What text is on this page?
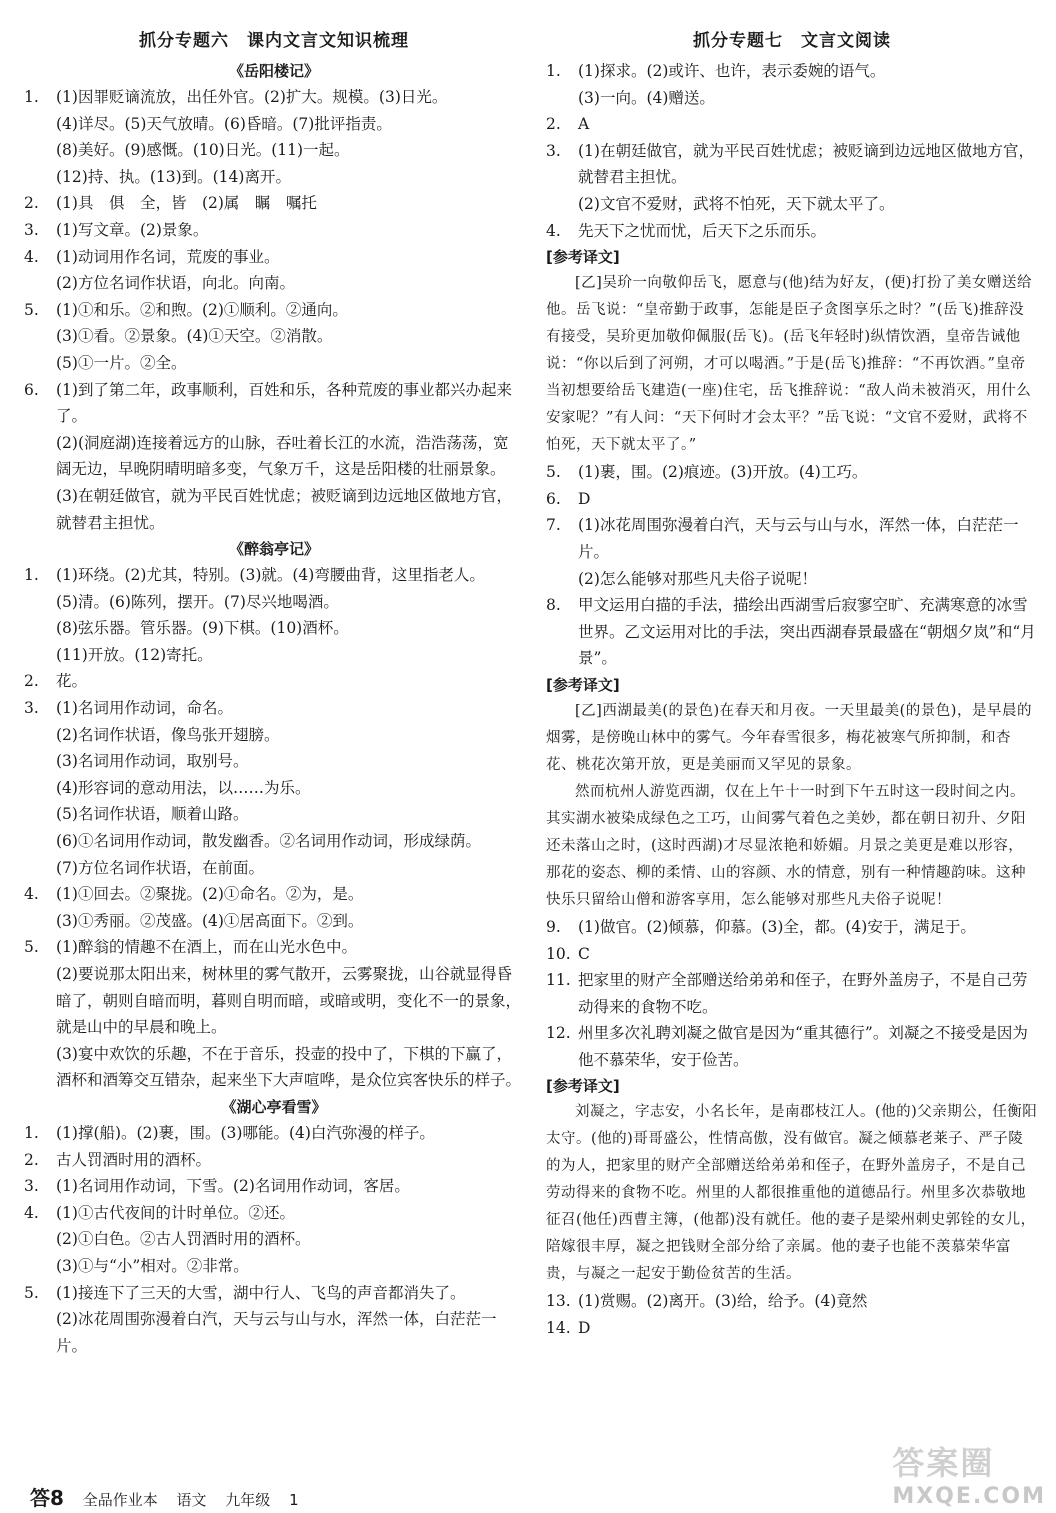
抓分专题六　课内文言文知识梳理
《岳阳楼记》
1.	(1)因罪贬谪流放，出任外官。(2)扩大。规模。(3)日光。
(4)详尽。(5)天气放晴。(6)昏暗。(7)批评指责。
(8)美好。(9)感慨。(10)日光。(11)一起。
(12)持、执。(13)到。(14)离开。
2.	(1)具　俱　全，皆　(2)属　瞩　嘱托
3.	(1)写文章。(2)景象。
4.	(1)动词用作名词，荒废的事业。
(2)方位名词作状语，向北。向南。
5.	(1)①和乐。②和煦。(2)①顺利。②通向。
(3)①看。②景象。(4)①天空。②消散。
(5)①一片。②全。
6.	(1)到了第二年，政事顺利，百姓和乐，各种荒废的事业都兴办起来了。
(2)(洞庭湖)连接着远方的山脉，吞吐着长江的水流，浩浩荡荡，宽阔无边，早晚阴晴明暗多变，气象万千，这是岳阳楼的壮丽景象。
(3)在朝廷做官，就为平民百姓忧虑；被贬谪到边远地区做地方官，就替君主担忧。
《醉翁亭记》
1.	(1)环绕。(2)尤其，特别。(3)就。(4)弯腰曲背，这里指老人。
(5)清。(6)陈列，摆开。(7)尽兴地喝酒。
(8)弦乐器。管乐器。(9)下棋。(10)酒杯。
(11)开放。(12)寄托。
2.	花。
3.	(1)名词用作动词，命名。
(2)名词作状语，像鸟张开翅膀。
(3)名词用作动词，取别号。
(4)形容词的意动用法，以……为乐。
(5)名词作状语，顺着山路。
(6)①名词用作动词，散发幽香。②名词用作动词，形成绿荫。
(7)方位名词作状语，在前面。
4.	(1)①回去。②聚拢。(2)①命名。②为，是。
(3)①秀丽。②茂盛。(4)①居高面下。②到。
5.	(1)醉翁的情趣不在酒上，而在山光水色中。
(2)要说那太阳出来，树林里的雾气散开，云雾聚拢，山谷就显得昏暗了，朝则自暗而明，暮则自明而暗，或暗或明，变化不一的景象，就是山中的早晨和晚上。
(3)宴中欢饮的乐趣，不在于音乐，投壶的投中了，下棋的下赢了，酒杯和酒筹交互错杂，起来坐下大声喧哗，是众位宾客快乐的样子。
《湖心亭看雪》
1.	(1)撑(船)。(2)裹，围。(3)哪能。(4)白汽弥漫的样子。
2.	古人罚酒时用的酒杯。
3.	(1)名词用作动词，下雪。(2)名词用作动词，客居。
4.	(1)①古代夜间的计时单位。②还。
(2)①白色。②古人罚酒时用的酒杯。
(3)①与“小”相对。②非常。
5.	(1)接连下了三天的大雪，湖中行人、飞鸟的声音都消失了。
(2)冰花周围弥漫着白汽，天与云与山与水，浑然一体，白茫茫一片。
抓分专题七　文言文阅读
1.	(1)探求。(2)或许、也许，表示委婉的语气。
(3)一向。(4)赠送。
2.	A
3.	(1)在朝廷做官，就为平民百姓忧虑；被贬谪到边远地区做地方官，就替君主担忧。
(2)文官不爱财，武将不怕死，天下就太平了。
4.	先天下之忧而忧，后天下之乐而乐。
[参考译文]
[乙]吴玠一向敬仰岳飞，愿意与(他)结为好友，(便)打扮了美女赠送给他。岳飞说：“皇帝勤于政事，怎能是臣子贪图享乐之时？”(岳飞)推辞没有接受，吴玠更加敬仰佩服(岳飞)。(岳飞年轻时)纵情饮酒，皇帝告诫他说：“你以后到了河朔，才可以喝酒。”于是(岳飞)推辞：“不再饮酒。”皇帝当初想要给岳飞建造(一座)住宅，岳飞推辞说：“敌人尚未被消灭，用什么安家呢？”有人问：“天下何时才会太平？”岳飞说：“文官不爱财，武将不怕死，天下就太平了。”
5.	(1)裹，围。(2)痕迹。(3)开放。(4)工巧。
6.	D
7.	(1)冰花周围弥漫着白汽，天与云与山与水，浑然一体，白茫茫一片。
(2)怎么能够对那些凡夫俗子说呢！
8.	甲文运用白描的手法，描绘出西湖雪后寂寥空旷、充满寒意的冰雪世界。乙文运用对比的手法，突出西湖春景最盛在“朝烟夕岚”和“月景”。
[参考译文]
[乙]西湖最美(的景色)在春天和月夜。一天里最美(的景色)，是早晨的烟雾，是傍晚山林中的雾气。今年春雪很多，梅花被寒气所抑制，和杏花、桃花次第开放，更是美丽而又罕见的景象。
然而杭州人游览西湖，仅在上午十一时到下午五时这一段时间之内。其实湖水被染成绿色之工巧，山间雾气着色之美妙，都在朝日初升、夕阳还未落山之时，(这时西湖)才尽显浓艳和娇媚。月景之美更是难以形容，那花的姿态、柳的柔情、山的容颜、水的情意，别有一种情趣韵味。这种快乐只留给山僧和游客享用，怎么能够对那些凡夫俗子说呢！
9.	(1)做官。(2)倾慕，仰慕。(3)全，都。(4)安于，满足于。
10. C
11. 把家里的财产全部赠送给弟弟和侄子，在野外盖房子，不是自己劳动得来的食物不吃。
12. 州里多次礼聘刘凝之做官是因为“重其德行”。刘凝之不接受是因为他不慕荣华，安于俭苦。
[参考译文]
刘凝之，字志安，小名长年，是南郡枝江人。(他的)父亲期公，任衡阳太守。(他的)哥哥盛公，性情高傲，没有做官。凝之倾慕老莱子、严子陵的为人，把家里的财产全部赠送给弟弟和侄子，在野外盖房子，不是自己劳动得来的食物不吃。州里的人都很推重他的道德品行。州里多次恭敬地征召(他任)西曹主簿，(他都)没有就任。他的妻子是梁州刺史郭铨的女儿，陪嫁很丰厚，凝之把钱财全部分给了亲属。他的妻子也能不羡慕荣华富贵，与凝之一起安于勤俭贫苦的生活。
13. (1)赏赐。(2)离开。(3)给，给予。(4)竟然
14. D
答8 全品作业本 语文 九年级 1
答案圈
MXQE.COM
